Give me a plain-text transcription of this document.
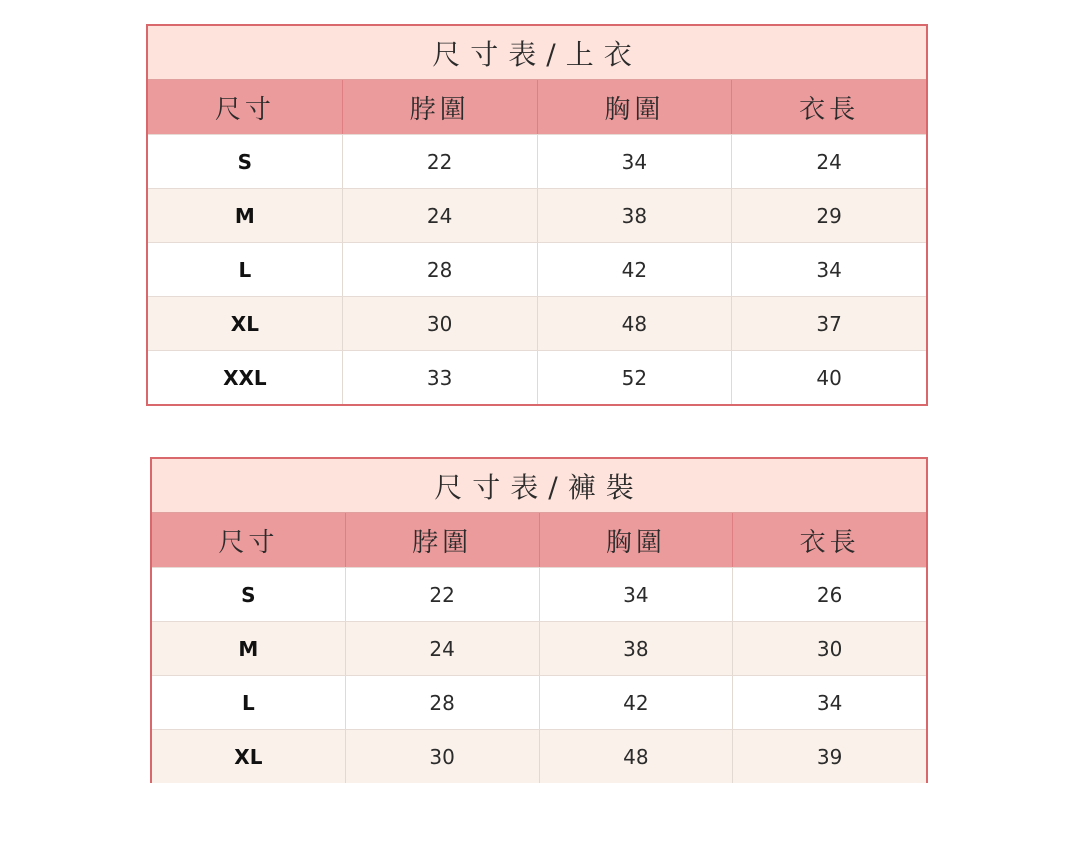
尺寸表/上衣
尺寸	脖圍	胸圍	衣長
S	22	34	24
M	24	38	29
L	28	42	34
XL	30	48	37
XXL	33	52	40
尺寸表/褲裝
尺寸	脖圍	胸圍	衣長
S	22	34	26
M	24	38	30
L	28	42	34
XL	30	48	39
